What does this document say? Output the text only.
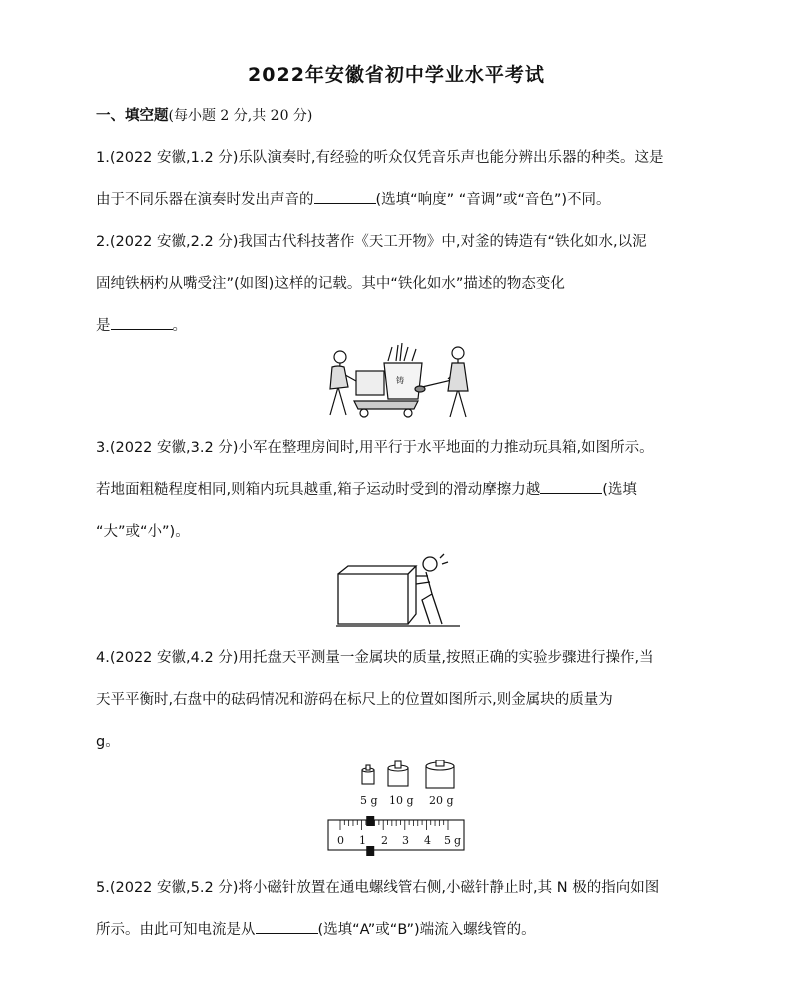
2022年安徽省初中学业水平考试
一、填空题(每小题 2 分,共 20 分)
1.(2022 安徽,1.2 分)乐队演奏时,有经验的听众仅凭音乐声也能分辨出乐器的种类。这是
由于不同乐器在演奏时发出声音的	(选填“响度” “音调”或“音色”)不同。
2.(2022 安徽,2.2 分)我国古代科技著作《天工开物》中,对釜的铸造有“铁化如水,以泥
固纯铁柄杓从嘴受注”(如图)这样的记载。其中“铁化如水”描述的物态变化
是	。
铸
3.(2022 安徽,3.2 分)小军在整理房间时,用平行于水平地面的力推动玩具箱,如图所示。
若地面粗糙程度相同,则箱内玩具越重,箱子运动时受到的滑动摩擦力越	(选填
“大”或“小”)。
4.(2022 安徽,4.2 分)用托盘天平测量一金属块的质量,按照正确的实验步骤进行操作,当
天平平衡时,右盘中的砝码情况和游码在标尺上的位置如图所示,则金属块的质量为
g。
5 g 10 g 20 g
0 1 2 3 4 5 g
5.(2022 安徽,5.2 分)将小磁针放置在通电螺线管右侧,小磁针静止时,其 N 极的指向如图
所示。由此可知电流是从	(选填“A”或“B”)端流入螺线管的。
